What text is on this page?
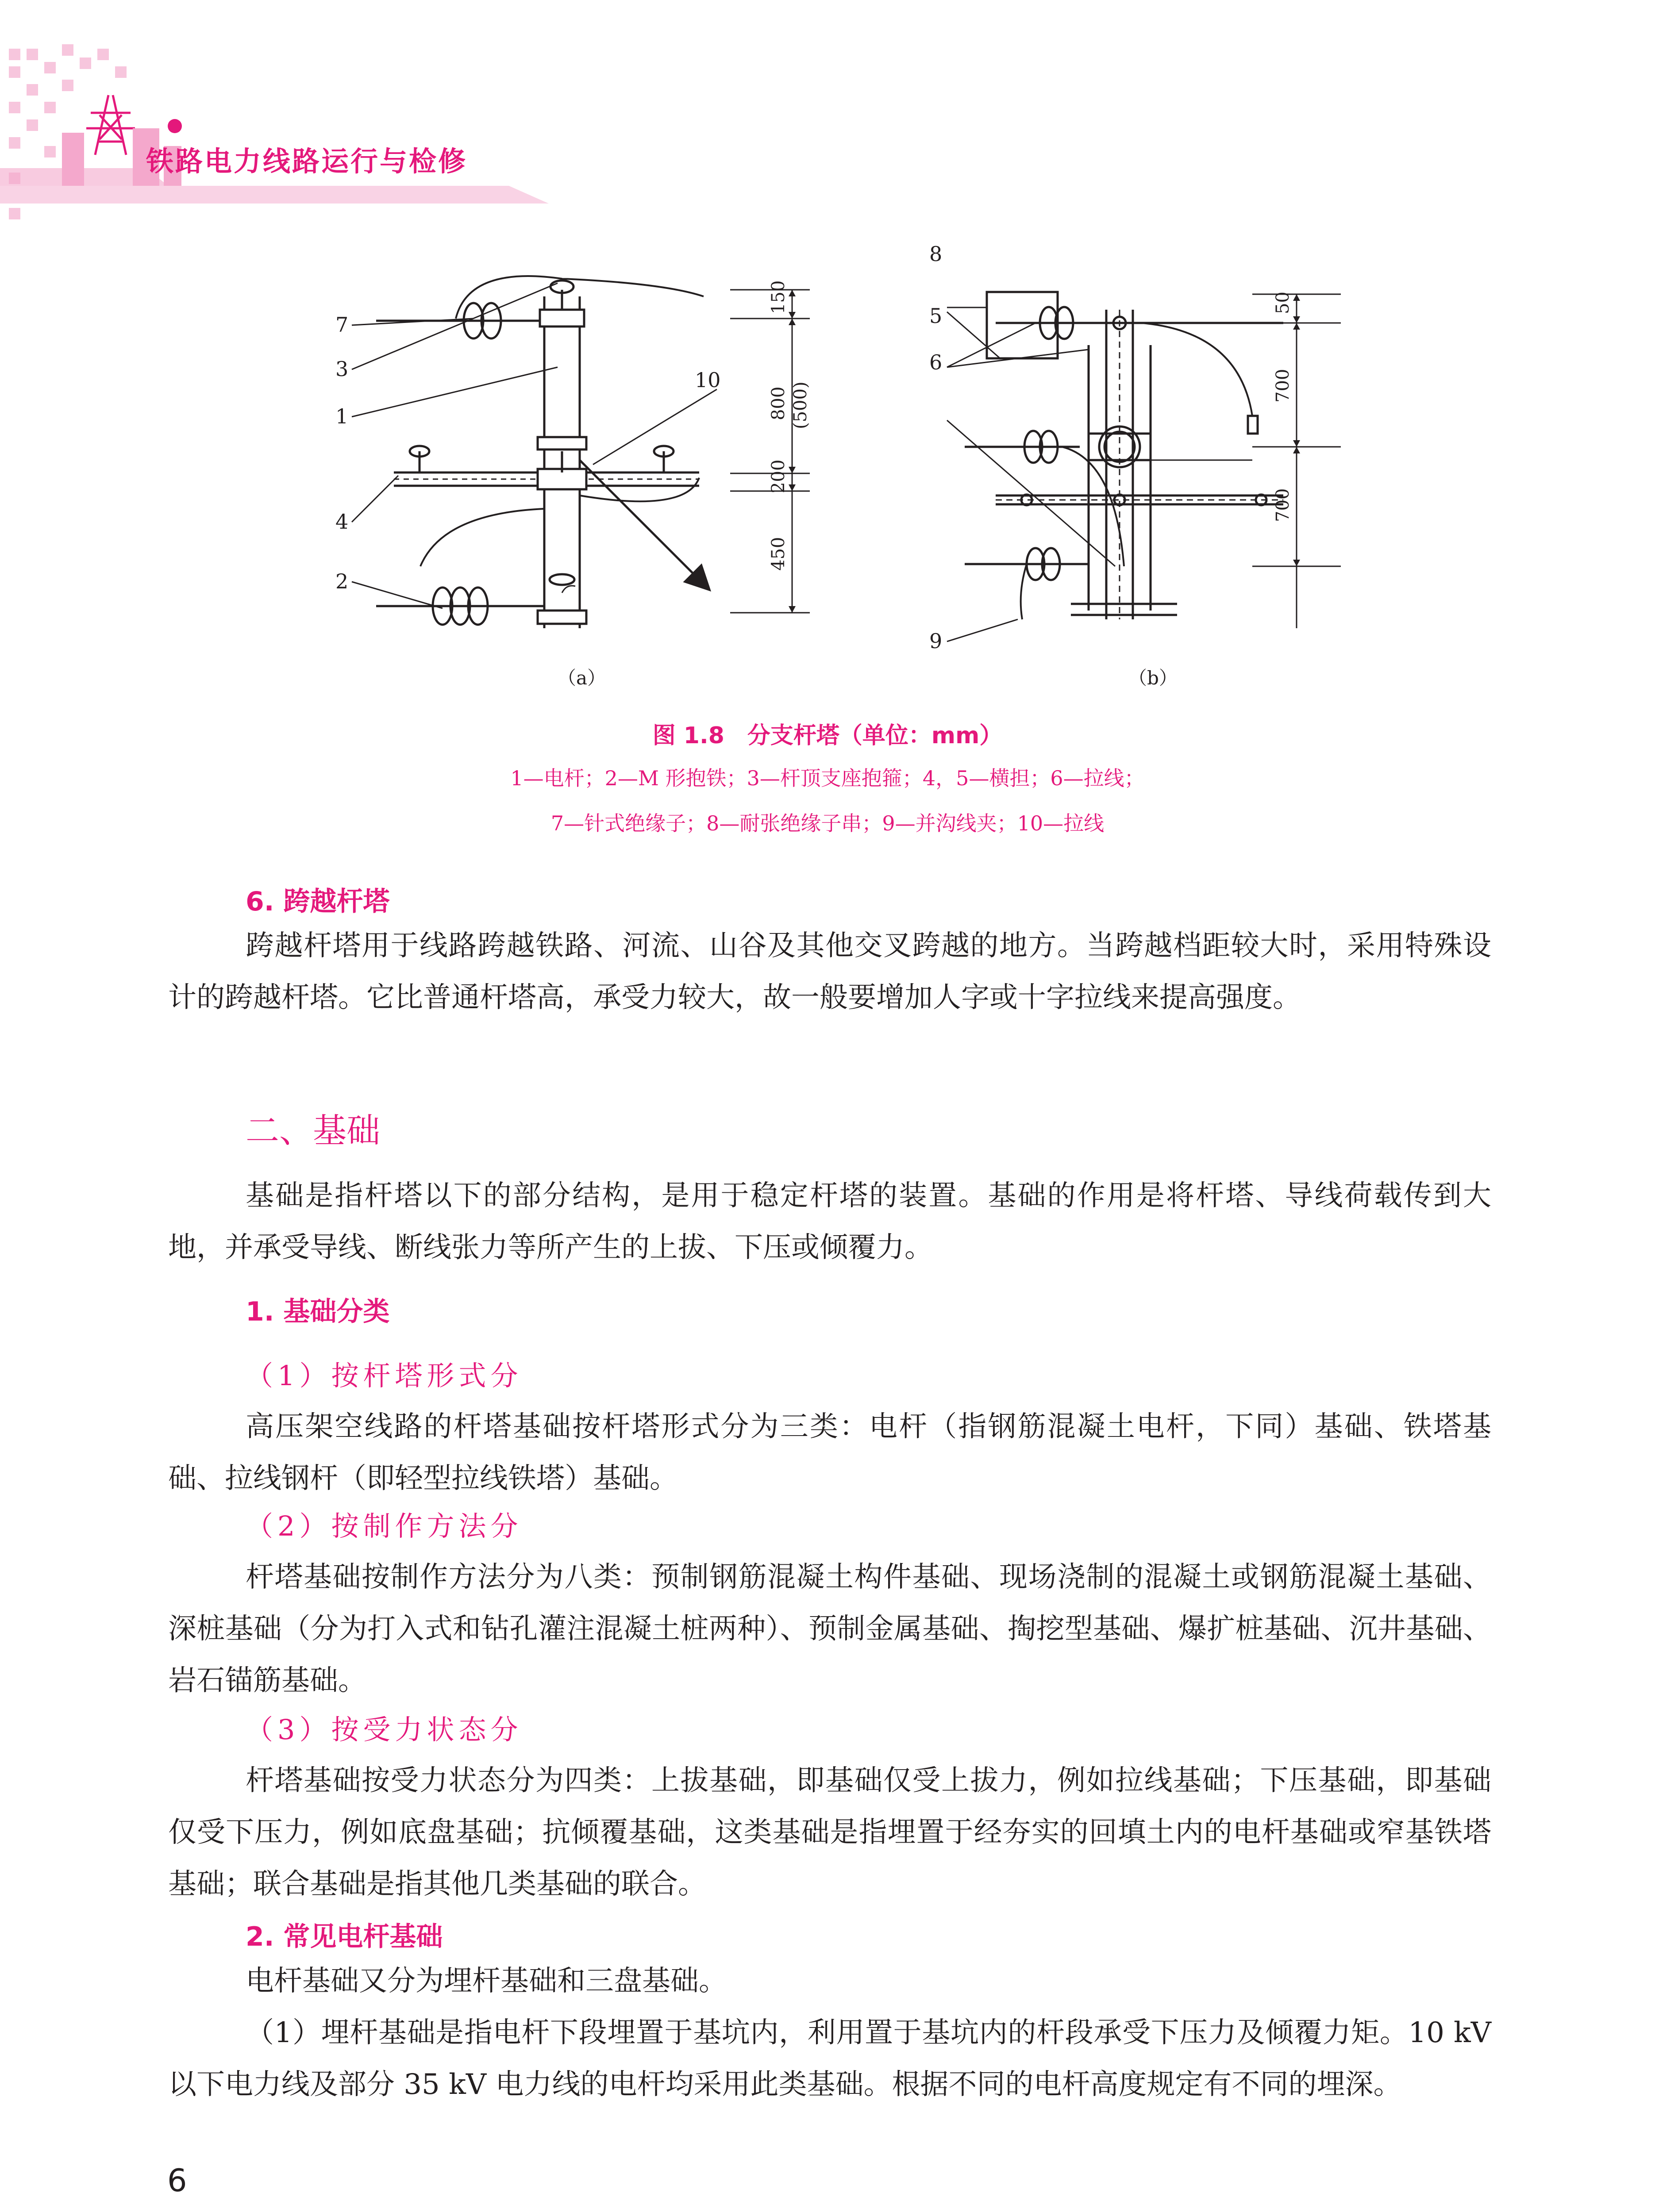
铁路电力线路运行与检修
7
3
1
4
2
10
150
800 (500)
200
450
8
5
6
9
50
700
700
（a）	（b）
图 1.8　分支杆塔（单位：mm）
1—电杆；2—M 形抱铁；3—杆顶支座抱箍；4，5—横担；6—拉线；
7—针式绝缘子；8—耐张绝缘子串；9—并沟线夹；10—拉线
6. 跨越杆塔

跨越杆塔用于线路跨越铁路、河流、山谷及其他交叉跨越的地方。当跨越档距较大时，采用特殊设计的跨越杆塔。它比普通杆塔高，承受力较大，故一般要增加人字或十字拉线来提高强度。

二、基础

基础是指杆塔以下的部分结构，是用于稳定杆塔的装置。基础的作用是将杆塔、导线荷载传到大地，并承受导线、断线张力等所产生的上拔、下压或倾覆力。

1. 基础分类
（1）按杆塔形式分

高压架空线路的杆塔基础按杆塔形式分为三类：电杆（指钢筋混凝土电杆，下同）基础、铁塔基础、拉线钢杆（即轻型拉线铁塔）基础。

（2）按制作方法分

杆塔基础按制作方法分为八类：预制钢筋混凝土构件基础、现场浇制的混凝土或钢筋混凝土基础、深桩基础（分为打入式和钻孔灌注混凝土桩两种）、预制金属基础、掏挖型基础、爆扩桩基础、沉井基础、岩石锚筋基础。

（3）按受力状态分

杆塔基础按受力状态分为四类：上拔基础，即基础仅受上拔力，例如拉线基础；下压基础，即基础仅受下压力，例如底盘基础；抗倾覆基础，这类基础是指埋置于经夯实的回填土内的电杆基础或窄基铁塔基础；联合基础是指其他几类基础的联合。

2. 常见电杆基础

电杆基础又分为埋杆基础和三盘基础。

（1）埋杆基础是指电杆下段埋置于基坑内，利用置于基坑内的杆段承受下压力及倾覆力矩。10 kV 以下电力线及部分 35 kV 电力线的电杆均采用此类基础。根据不同的电杆高度规定有不同的埋深。

6
